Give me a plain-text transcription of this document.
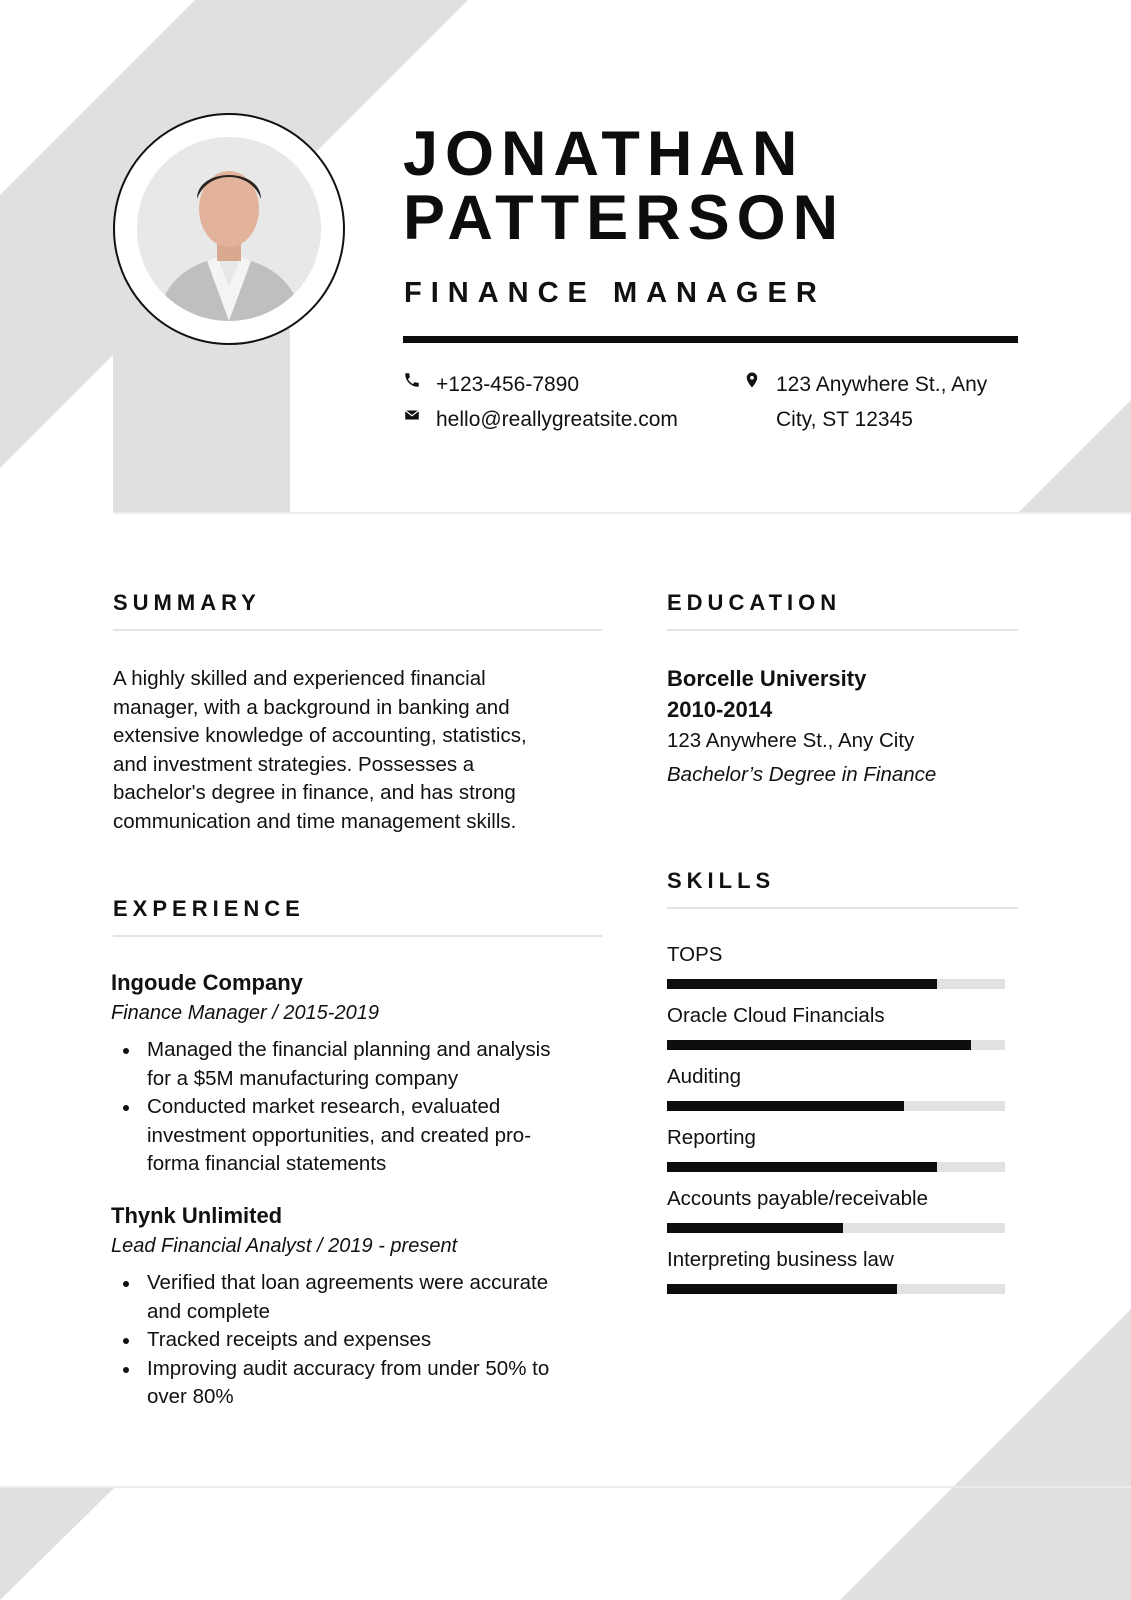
JONATHAN
PATTERSON
FINANCE MANAGER
+123-456-7890
hello@reallygreatsite.com
123 Anywhere St., Any
City, ST 12345
SUMMARY
A highly skilled and experienced financial
manager, with a background in banking and
extensive knowledge of accounting, statistics,
and investment strategies. Possesses a
bachelor's degree in finance, and has strong
communication and time management skills.
EDUCATION
Borcelle University
2010-2014
123 Anywhere St., Any City
Bachelor’s Degree in Finance
EXPERIENCE
Ingoude Company
Finance Manager / 2015-2019
Managed the financial planning and analysis
for a $5M manufacturing company
Conducted market research, evaluated
investment opportunities, and created pro-
forma financial statements
Thynk Unlimited
Lead Financial Analyst / 2019 - present
Verified that loan agreements were accurate
and complete
Tracked receipts and expenses
Improving audit accuracy from under 50% to
over 80%
SKILLS
TOPS
Oracle Cloud Financials
Auditing
Reporting
Accounts payable/receivable
Interpreting business law
